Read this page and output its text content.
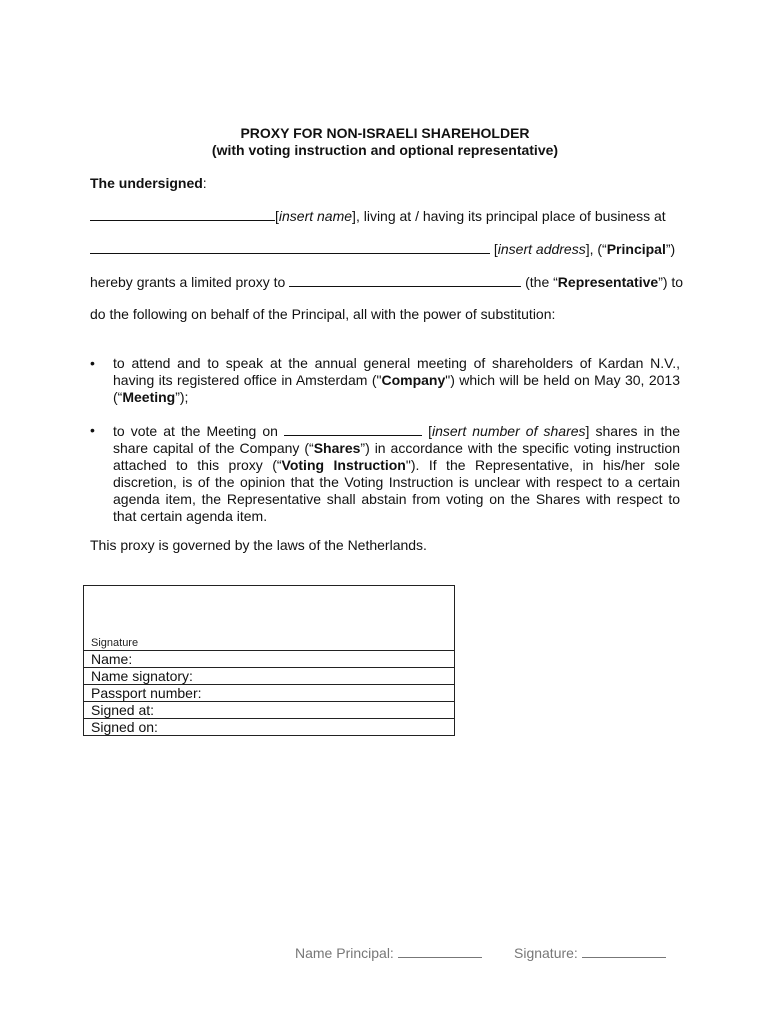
PROXY FOR NON-ISRAELI SHAREHOLDER
(with voting instruction and optional representative)
The undersigned:
[insert name], living at / having its principal place of business at
[insert address], (“Principal”)
hereby grants a limited proxy to	(the “Representative”) to
do the following on behalf of the Principal, all with the power of substitution:
•	to attend and to speak at the annual general meeting of shareholders of Kardan N.V., having its registered office in Amsterdam ("Company") which will be held on May 30, 2013 (“Meeting”);
•	to vote at the Meeting on	[insert number of shares] shares in the share capital of the Company (“Shares”) in accordance with the specific voting instruction attached to this proxy (“Voting Instruction"). If the Representative, in his/her sole discretion, is of the opinion that the Voting Instruction is unclear with respect to a certain agenda item, the Representative shall abstain from voting on the Shares with respect to that certain agenda item.
This proxy is governed by the laws of the Netherlands.
Signature
Name:
Name signatory:
Passport number:
Signed at:
Signed on:
Name Principal:	Signature:
